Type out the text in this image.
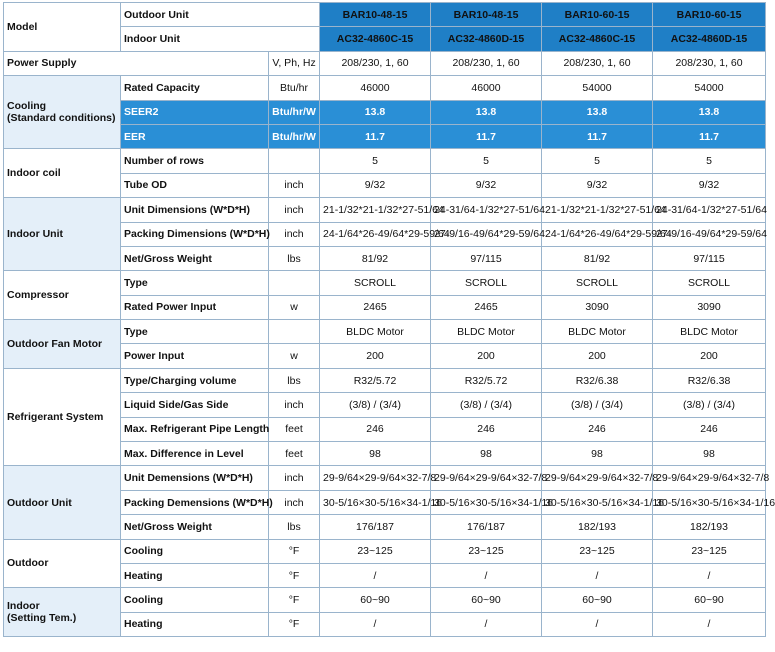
Model	Outdoor Unit		BAR10-48-15	BAR10-48-15	BAR10-60-15	BAR10-60-15
	Indoor Unit		AC32-4860C-15	AC32-4860D-15	AC32-4860C-15	AC32-4860D-15
Power Supply		V, Ph, Hz	208/230, 1, 60	208/230, 1, 60	208/230, 1, 60	208/230, 1, 60

Cooling
(Standard conditions)	Rated Capacity	Btu/hr	46000	46000	54000	54000
	SEER2	Btu/hr/W	13.8	13.8	13.8	13.8
	EER	Btu/hr/W	11.7	11.7	11.7	11.7

Indoor coil	Number of rows		5	5	5	5
	Tube OD	inch	9/32	9/32	9/32	9/32

Indoor Unit	Unit Dimensions (W*D*H)	inch	21-1/32*21-1/32*27-51/64	24-31/64-1/32*27-51/64	21-1/32*21-1/32*27-51/64	24-31/64-1/32*27-51/64
	Packing Dimensions (W*D*H)	inch	24-1/64*26-49/64*29-59/64	27-9/16-49/64*29-59/64	24-1/64*26-49/64*29-59/64	27-9/16-49/64*29-59/64
	Net/Gross Weight	lbs	81/92	97/115	81/92	97/115

Compressor	Type		SCROLL	SCROLL	SCROLL	SCROLL
	Rated Power Input	w	2465	2465	3090	3090

Outdoor Fan Motor	Type		BLDC Motor	BLDC Motor	BLDC Motor	BLDC Motor
	Power Input	w	200	200	200	200

Refrigerant System	Type/Charging volume	lbs	R32/5.72	R32/5.72	R32/6.38	R32/6.38
	Liquid Side/Gas Side	inch	(3/8) / (3/4)	(3/8) / (3/4)	(3/8) / (3/4)	(3/8) / (3/4)
	Max. Refrigerant Pipe Length	feet	246	246	246	246
	Max. Difference in Level	feet	98	98	98	98

Outdoor Unit	Unit Demensions (W*D*H)	inch	29-9/64×29-9/64×32-7/8	29-9/64×29-9/64×32-7/8	29-9/64×29-9/64×32-7/8	29-9/64×29-9/64×32-7/8
	Packing Demensions (W*D*H)	inch	30-5/16×30-5/16×34-1/16	30-5/16×30-5/16×34-1/16	30-5/16×30-5/16×34-1/16	30-5/16×30-5/16×34-1/16
	Net/Gross Weight	lbs	176/187	176/187	182/193	182/193

Outdoor	Cooling	°F	23~125	23~125	23~125	23~125
	Heating	°F	/	/	/	/

Indoor
(Setting Tem.)	Cooling	°F	60~90	60~90	60~90	60~90
	Heating	°F	/	/	/	/
